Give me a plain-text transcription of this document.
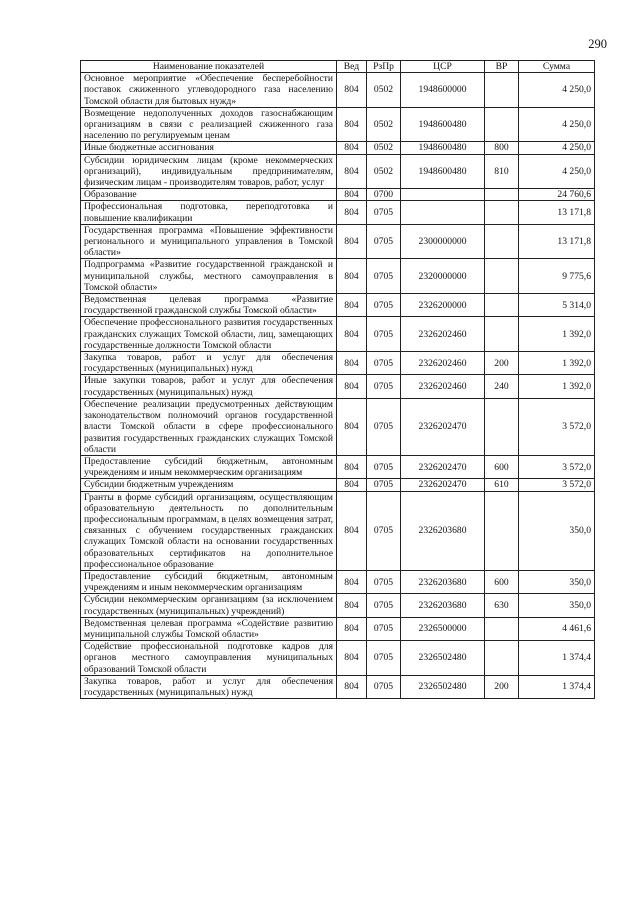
290
Наименование показателей	Вед	РзПр	ЦСР	ВР	Сумма
Основное мероприятие «Обеспечение бесперебойности поставок сжиженного углеводородного газа населению Томской области для бытовых нужд»	804	0502	1948600000		4 250,0
Возмещение недополученных доходов газоснабжающим организациям в связи с реализацией сжиженного газа населению по регулируемым ценам	804	0502	1948600480		4 250,0
Иные бюджетные ассигнования	804	0502	1948600480	800	4 250,0
Субсидии юридическим лицам (кроме некоммерческих организаций), индивидуальным предпринимателям, физическим лицам - производителям товаров, работ, услуг	804	0502	1948600480	810	4 250,0
Образование	804	0700			24 760,6
Профессиональная подготовка, переподготовка и повышение квалификации	804	0705			13 171,8
Государственная программа «Повышение эффективности регионального и муниципального управления в Томской области»	804	0705	2300000000		13 171,8
Подпрограмма «Развитие государственной гражданской и муниципальной службы, местного самоуправления в Томской области»	804	0705	2320000000		9 775,6
Ведомственная целевая программа «Развитие государственной гражданской службы Томской области»	804	0705	2326200000		5 314,0
Обеспечение профессионального развития государственных гражданских служащих Томской области, лиц, замещающих государственные должности Томской области	804	0705	2326202460		1 392,0
Закупка товаров, работ и услуг для обеспечения государственных (муниципальных) нужд	804	0705	2326202460	200	1 392,0
Иные закупки товаров, работ и услуг для обеспечения государственных (муниципальных) нужд	804	0705	2326202460	240	1 392,0
Обеспечение реализации предусмотренных действующим законодательством полномочий органов государственной власти Томской области в сфере профессионального развития государственных гражданских служащих Томской области	804	0705	2326202470		3 572,0
Предоставление субсидий бюджетным, автономным учреждениям и иным некоммерческим организациям	804	0705	2326202470	600	3 572,0
Субсидии бюджетным учреждениям	804	0705	2326202470	610	3 572,0
Гранты в форме субсидий организациям, осуществляющим образовательную деятельность по дополнительным профессиональным программам, в целях возмещения затрат, связанных с обучением государственных гражданских служащих Томской области на основании государственных образовательных сертификатов на дополнительное профессиональное образование	804	0705	2326203680		350,0
Предоставление субсидий бюджетным, автономным учреждениям и иным некоммерческим организациям	804	0705	2326203680	600	350,0
Субсидии некоммерческим организациям (за исключением государственных (муниципальных) учреждений)	804	0705	2326203680	630	350,0
Ведомственная целевая программа «Содействие развитию муниципальной службы Томской области»	804	0705	2326500000		4 461,6
Содействие профессиональной подготовке кадров для органов местного самоуправления муниципальных образований Томской области	804	0705	2326502480		1 374,4
Закупка товаров, работ и услуг для обеспечения государственных (муниципальных) нужд	804	0705	2326502480	200	1 374,4
